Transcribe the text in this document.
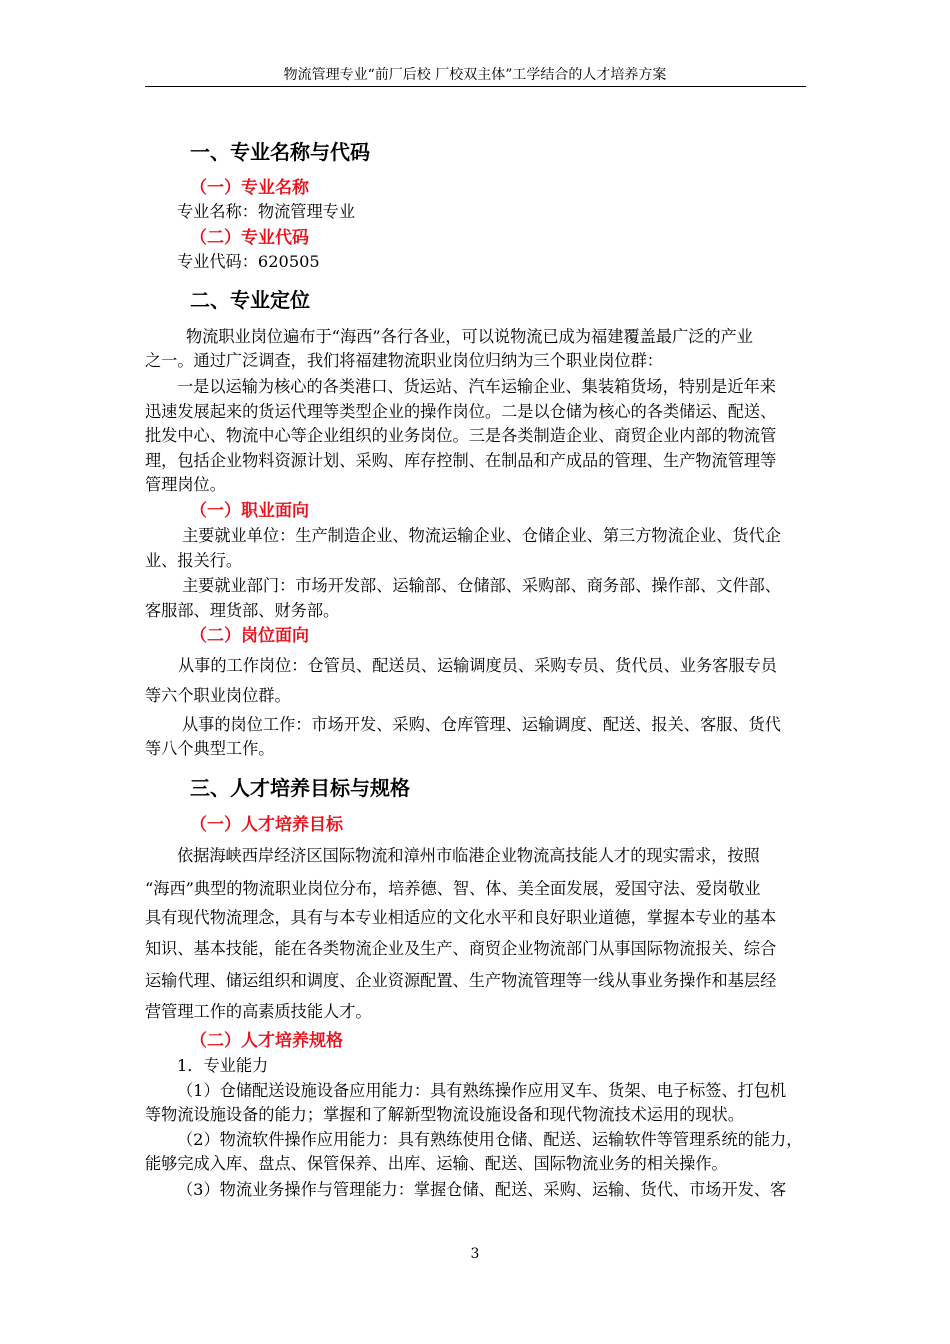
物流管理专业“前厂后校 厂校双主体”工学结合的人才培养方案
一、专业名称与代码
（一）专业名称
专业名称：物流管理专业
（二）专业代码
专业代码：620505
二、专业定位
物流职业岗位遍布于“海西”各行各业，可以说物流已成为福建覆盖最广泛的产业
之一。通过广泛调查，我们将福建物流职业岗位归纳为三个职业岗位群：
一是以运输为核心的各类港口、货运站、汽车运输企业、集装箱货场，特别是近年来
迅速发展起来的货运代理等类型企业的操作岗位。二是以仓储为核心的各类储运、配送、
批发中心、物流中心等企业组织的业务岗位。三是各类制造企业、商贸企业内部的物流管
理，包括企业物料资源计划、采购、库存控制、在制品和产成品的管理、生产物流管理等
管理岗位。
（一）职业面向
主要就业单位：生产制造企业、物流运输企业、仓储企业、第三方物流企业、货代企
业、报关行。
主要就业部门：市场开发部、运输部、仓储部、采购部、商务部、操作部、文件部、
客服部、理货部、财务部。
（二）岗位面向
从事的工作岗位：仓管员、配送员、运输调度员、采购专员、货代员、业务客服专员
等六个职业岗位群。
从事的岗位工作：市场开发、采购、仓库管理、运输调度、配送、报关、客服、货代
等八个典型工作。
三、人才培养目标与规格
（一）人才培养目标
依据海峡西岸经济区国际物流和漳州市临港企业物流高技能人才的现实需求，按照
“海西”典型的物流职业岗位分布，培养德、智、体、美全面发展，爱国守法、爱岗敬业
具有现代物流理念，具有与本专业相适应的文化水平和良好职业道德，掌握本专业的基本
知识、基本技能，能在各类物流企业及生产、商贸企业物流部门从事国际物流报关、综合
运输代理、储运组织和调度、企业资源配置、生产物流管理等一线从事业务操作和基层经
营管理工作的高素质技能人才。
（二）人才培养规格
1．专业能力
（1）仓储配送设施设备应用能力：具有熟练操作应用叉车、货架、电子标签、打包机
等物流设施设备的能力；掌握和了解新型物流设施设备和现代物流技术运用的现状。
（2）物流软件操作应用能力：具有熟练使用仓储、配送、运输软件等管理系统的能力，
能够完成入库、盘点、保管保养、出库、运输、配送、国际物流业务的相关操作。
（3）物流业务操作与管理能力：掌握仓储、配送、采购、运输、货代、市场开发、客
3
